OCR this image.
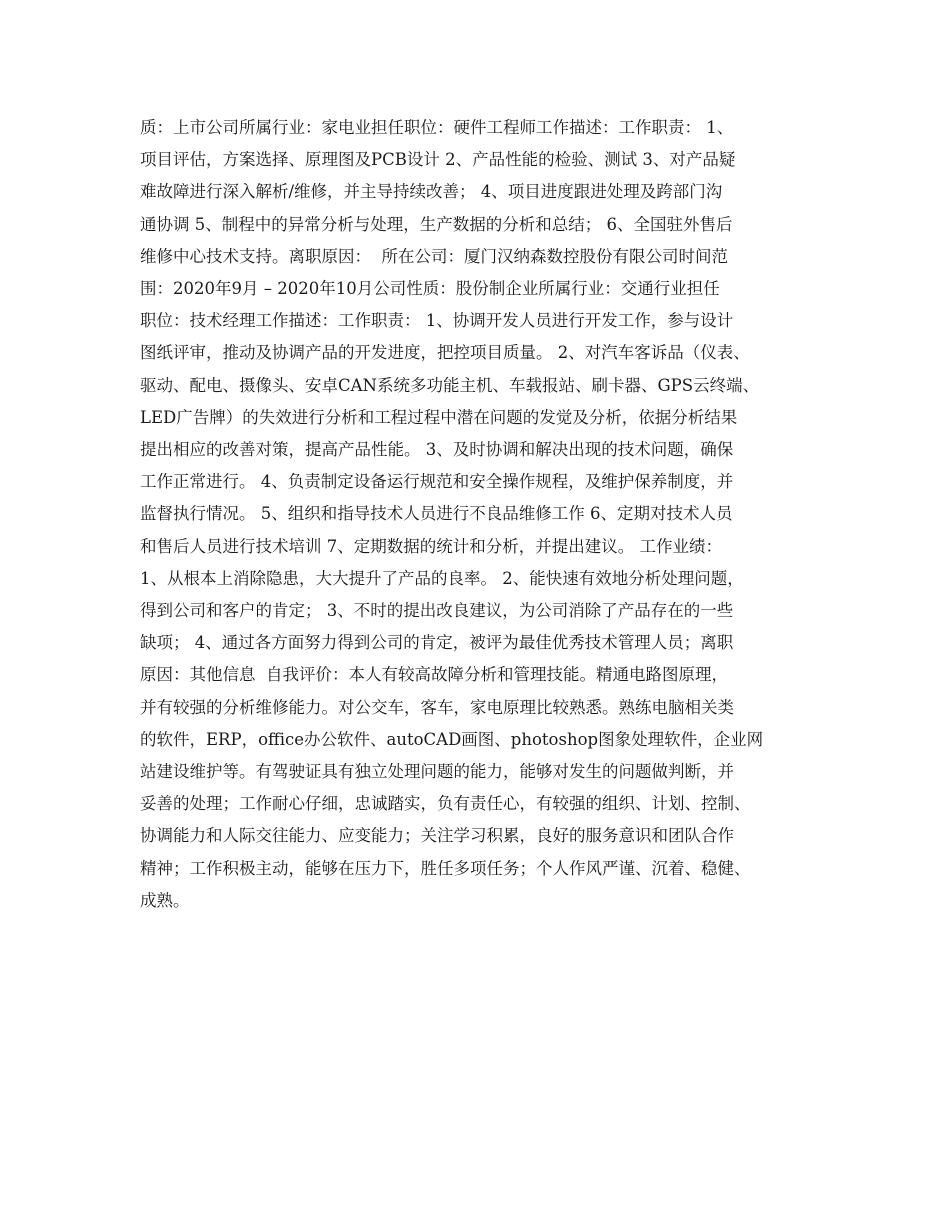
质：上市公司所属行业：家电业担任职位：硬件工程师工作描述：工作职责： 1、
项目评估，方案选择、原理图及PCB设计 2、产品性能的检验、测试 3、对产品疑
难故障进行深入解析/维修，并主导持续改善； 4、项目进度跟进处理及跨部门沟
通协调 5、制程中的异常分析与处理，生产数据的分析和总结； 6、全国驻外售后
维修中心技术支持。离职原因：  所在公司：厦门汉纳森数控股份有限公司时间范
围：2020年9月 – 2020年10月公司性质：股份制企业所属行业：交通行业担任
职位：技术经理工作描述：工作职责： 1、协调开发人员进行开发工作，参与设计
图纸评审，推动及协调产品的开发进度，把控项目质量。 2、对汽车客诉品（仪表、
驱动、配电、摄像头、安卓CAN系统多功能主机、车载报站、刷卡器、GPS云终端、
LED广告牌）的失效进行分析和工程过程中潜在问题的发觉及分析，依据分析结果
提出相应的改善对策，提高产品性能。 3、及时协调和解决出现的技术问题，确保
工作正常进行。 4、负责制定设备运行规范和安全操作规程，及维护保养制度，并
监督执行情况。 5、组织和指导技术人员进行不良品维修工作 6、定期对技术人员
和售后人员进行技术培训 7、定期数据的统计和分析，并提出建议。 工作业绩：
1、从根本上消除隐患，大大提升了产品的良率。 2、能快速有效地分析处理问题，
得到公司和客户的肯定； 3、不时的提出改良建议，为公司消除了产品存在的一些
缺项； 4、通过各方面努力得到公司的肯定，被评为最佳优秀技术管理人员；离职
原因：其他信息  自我评价：本人有较高故障分析和管理技能。精通电路图原理，
并有较强的分析维修能力。对公交车，客车，家电原理比较熟悉。熟练电脑相关类
的软件，ERP，office办公软件、autoCAD画图、photoshop图象处理软件，企业网
站建设维护等。有驾驶证具有独立处理问题的能力，能够对发生的问题做判断，并
妥善的处理；工作耐心仔细，忠诚踏实，负有责任心，有较强的组织、计划、控制、
协调能力和人际交往能力、应变能力；关注学习积累，良好的服务意识和团队合作
精神；工作积极主动，能够在压力下，胜任多项任务；个人作风严谨、沉着、稳健、
成熟。
